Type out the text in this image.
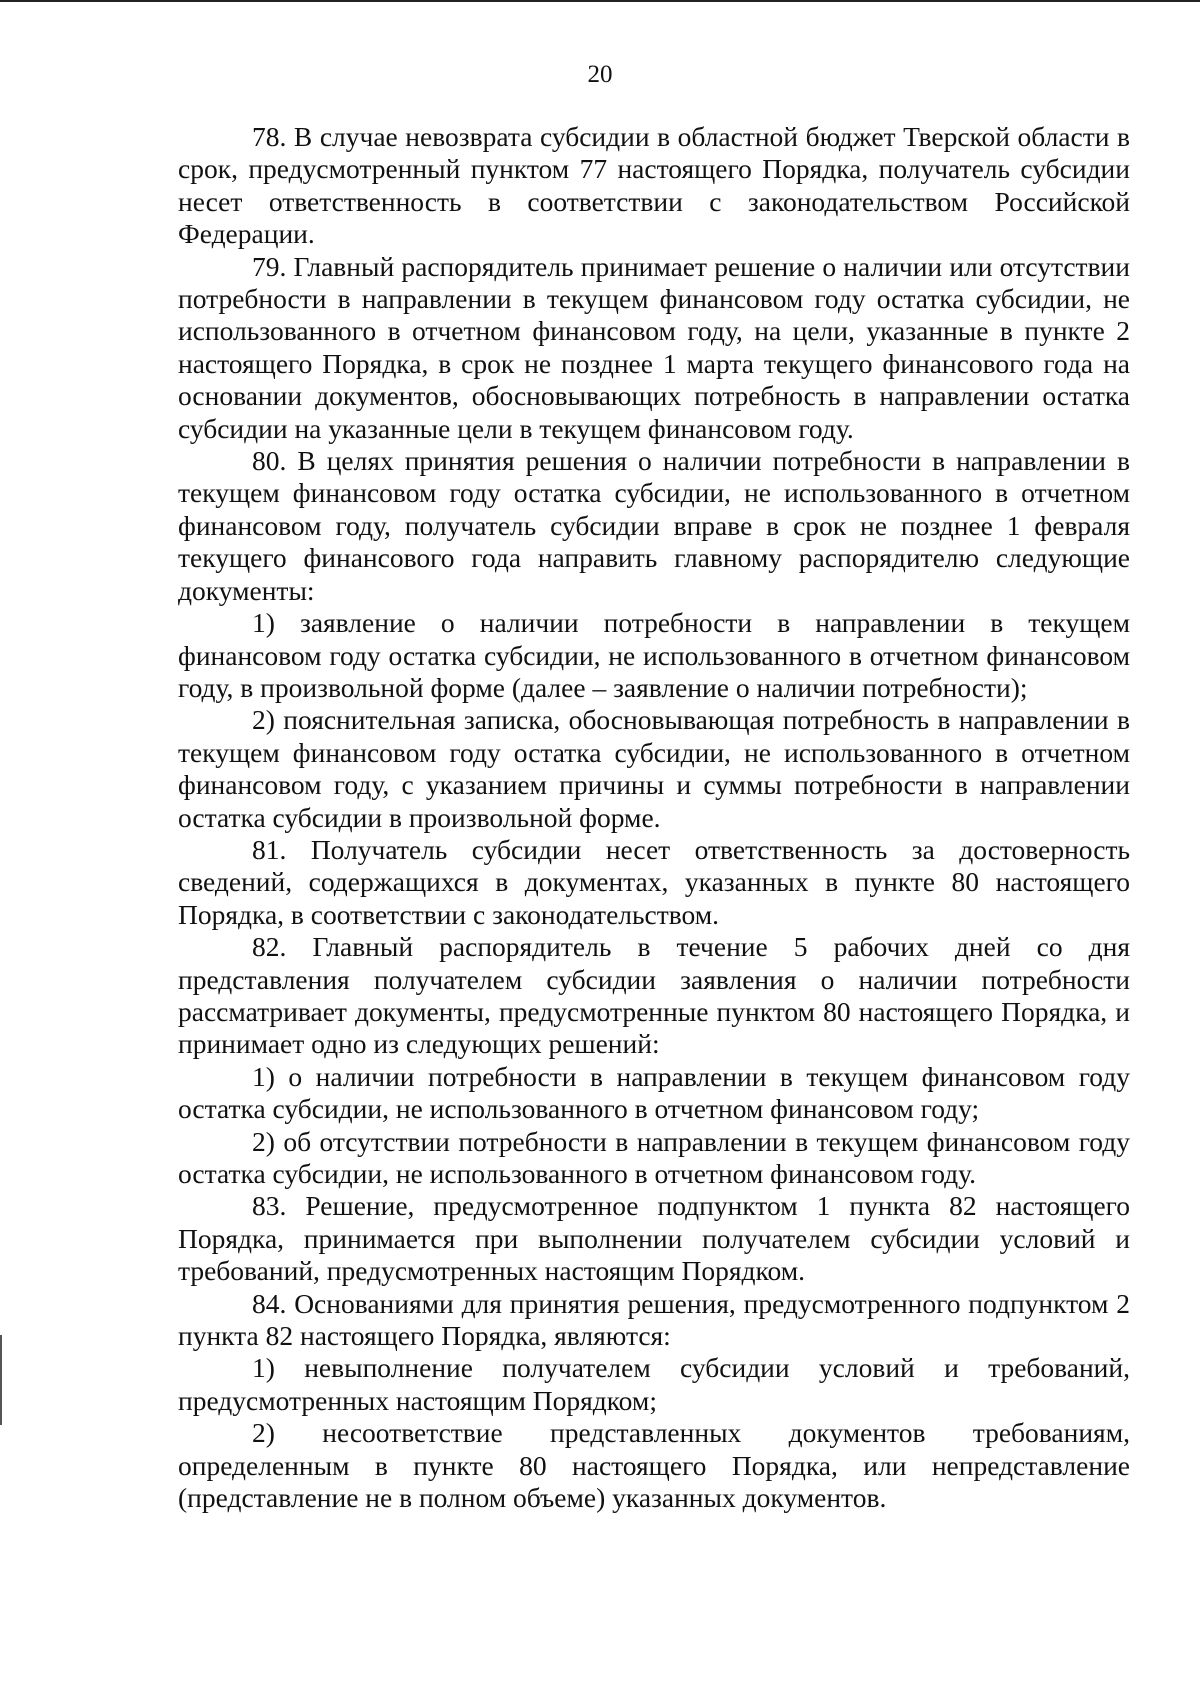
20

78. В случае невозврата субсидии в областной бюджет Тверской области в срок, предусмотренный пунктом 77 настоящего Порядка, получатель субсидии несет ответственность в соответствии с законодательством Российской Федерации.

79. Главный распорядитель принимает решение о наличии или отсутствии потребности в направлении в текущем финансовом году остатка субсидии, не использованного в отчетном финансовом году, на цели, указанные в пункте 2 настоящего Порядка, в срок не позднее 1 марта текущего финансового года на основании документов, обосновывающих потребность в направлении остатка субсидии на указанные цели в текущем финансовом году.

80. В целях принятия решения о наличии потребности в направлении в текущем финансовом году остатка субсидии, не использованного в отчетном финансовом году, получатель субсидии вправе в срок не позднее 1 февраля текущего финансового года направить главному распорядителю следующие документы:

1) заявление о наличии потребности в направлении в текущем финансовом году остатка субсидии, не использованного в отчетном финансовом году, в произвольной форме (далее – заявление о наличии потребности);

2) пояснительная записка, обосновывающая потребность в направлении в текущем финансовом году остатка субсидии, не использованного в отчетном финансовом году, с указанием причины и суммы потребности в направлении остатка субсидии в произвольной форме.

81. Получатель субсидии несет ответственность за достоверность сведений, содержащихся в документах, указанных в пункте 80 настоящего Порядка, в соответствии с законодательством.

82. Главный распорядитель в течение 5 рабочих дней со дня представления получателем субсидии заявления о наличии потребности рассматривает документы, предусмотренные пунктом 80 настоящего Порядка, и принимает одно из следующих решений:

1) о наличии потребности в направлении в текущем финансовом году остатка субсидии, не использованного в отчетном финансовом году;

2) об отсутствии потребности в направлении в текущем финансовом году остатка субсидии, не использованного в отчетном финансовом году.

83. Решение, предусмотренное подпунктом 1 пункта 82 настоящего Порядка, принимается при выполнении получателем субсидии условий и требований, предусмотренных настоящим Порядком.

84. Основаниями для принятия решения, предусмотренного подпунктом 2 пункта 82 настоящего Порядка, являются:

1) невыполнение получателем субсидии условий и требований, предусмотренных настоящим Порядком;

2) несоответствие представленных документов требованиям, определенным в пункте 80 настоящего Порядка, или непредставление (представление не в полном объеме) указанных документов.
